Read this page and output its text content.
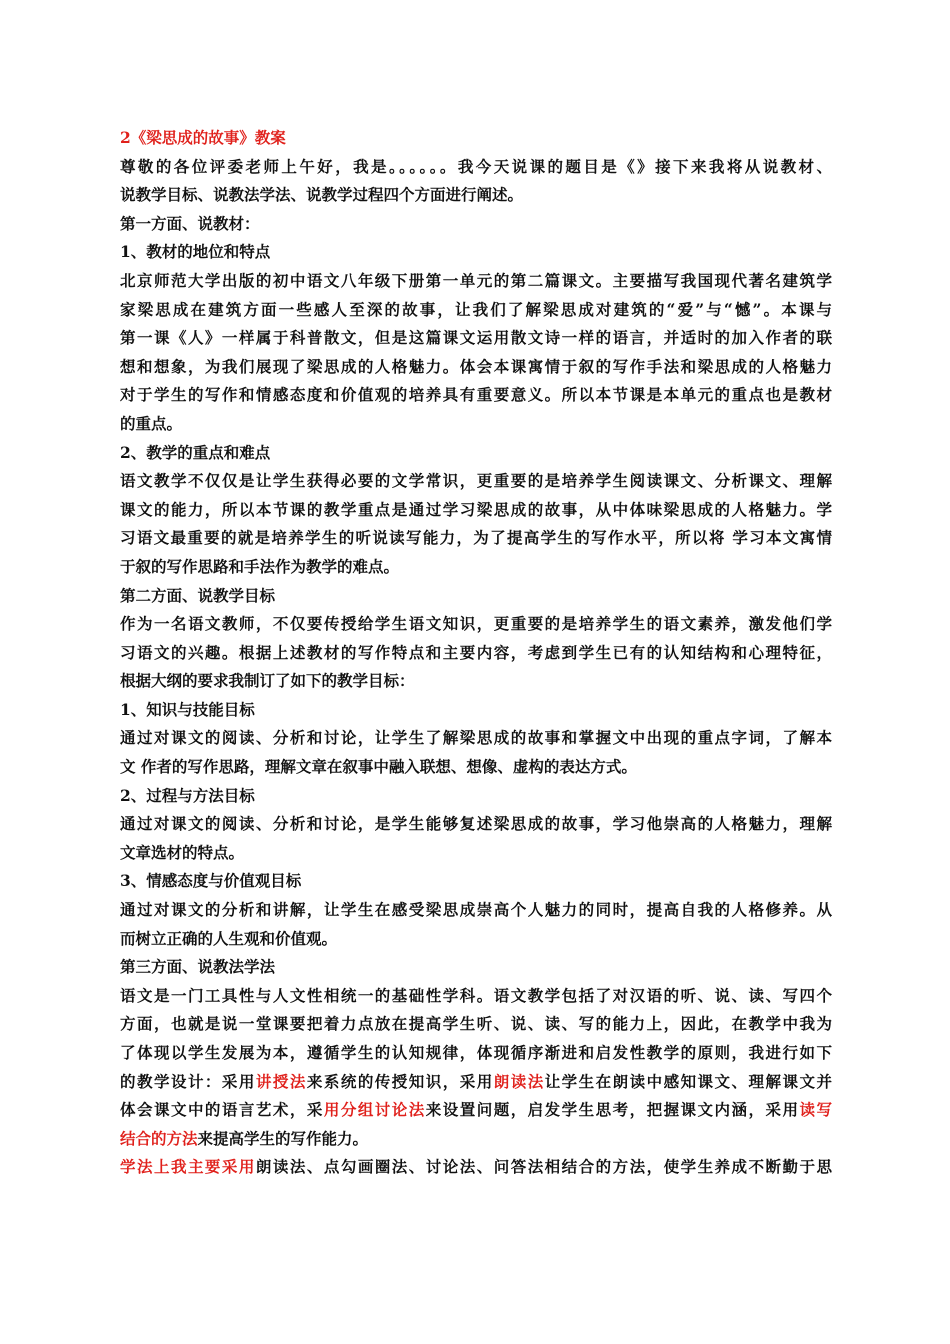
2《梁思成的故事》教案
尊敬的各位评委老师上午好，我是。。。。。。我今天说课的题目是《》接下来我将从说教材、
说教学目标、说教法学法、说教学过程四个方面进行阐述。
第一方面、说教材：
1、教材的地位和特点
北京师范大学出版的初中语文八年级下册第一单元的第二篇课文。主要描写我国现代著名建筑学
家梁思成在建筑方面一些感人至深的故事，让我们了解梁思成对建筑的“爱”与“憾”。本课与
第一课《人》一样属于科普散文，但是这篇课文运用散文诗一样的语言，并适时的加入作者的联
想和想象，为我们展现了梁思成的人格魅力。体会本课寓情于叙的写作手法和梁思成的人格魅力
对于学生的写作和情感态度和价值观的培养具有重要意义。所以本节课是本单元的重点也是教材
的重点。
2、教学的重点和难点
语文教学不仅仅是让学生获得必要的文学常识，更重要的是培养学生阅读课文、分析课文、理解
课文的能力，所以本节课的教学重点是通过学习梁思成的故事，从中体味梁思成的人格魅力。学
习语文最重要的就是培养学生的听说读写能力，为了提高学生的写作水平，所以将 学习本文寓情
于叙的写作思路和手法作为教学的难点。
第二方面、说教学目标
作为一名语文教师，不仅要传授给学生语文知识，更重要的是培养学生的语文素养，激发他们学
习语文的兴趣。根据上述教材的写作特点和主要内容，考虑到学生已有的认知结构和心理特征，
根据大纲的要求我制订了如下的教学目标：
1、知识与技能目标
通过对课文的阅读、分析和讨论，让学生了解梁思成的故事和掌握文中出现的重点字词，了解本
文 作者的写作思路，理解文章在叙事中融入联想、想像、虚构的表达方式。
2、过程与方法目标
通过对课文的阅读、分析和讨论，是学生能够复述梁思成的故事，学习他崇高的人格魅力，理解
文章选材的特点。
3、情感态度与价值观目标
通过对课文的分析和讲解，让学生在感受梁思成崇高个人魅力的同时，提高自我的人格修养。从
而树立正确的人生观和价值观。
第三方面、说教法学法
语文是一门工具性与人文性相统一的基础性学科。语文教学包括了对汉语的听、说、读、写四个
方面，也就是说一堂课要把着力点放在提高学生听、说、读、写的能力上，因此，在教学中我为
了体现以学生发展为本，遵循学生的认知规律，体现循序渐进和启发性教学的原则，我进行如下
的教学设计：采用讲授法来系统的传授知识，采用朗读法让学生在朗读中感知课文、理解课文并
体会课文中的语言艺术，采用分组讨论法来设置问题，启发学生思考，把握课文内涵，采用读写
结合的方法来提高学生的写作能力。
学法上我主要采用朗读法、点勾画圈法、讨论法、问答法相结合的方法，使学生养成不断勤于思
